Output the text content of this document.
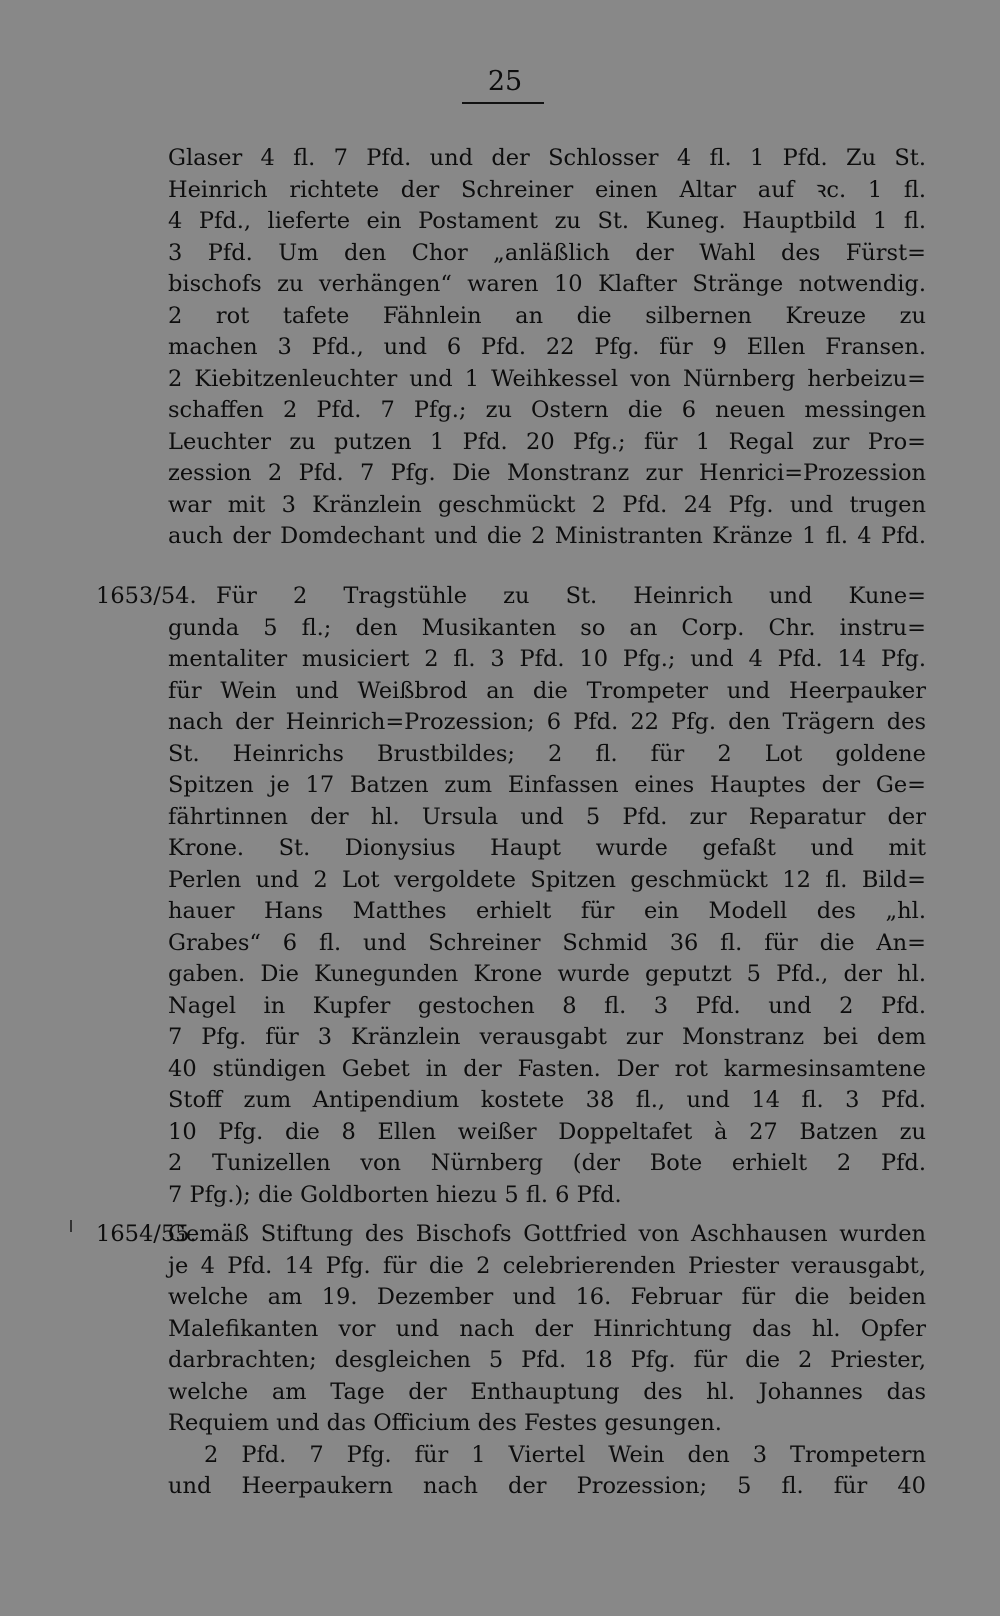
25
Glaser 4 fl. 7 Pfd. und der Schlosser 4 fl. 1 Pfd. Zu St.
Heinrich richtete der Schreiner einen Altar auf ꝛc. 1 fl.
4 Pfd., lieferte ein Postament zu St. Kuneg. Hauptbild 1 fl.
3 Pfd. Um den Chor „anläßlich der Wahl des Fürst=
bischofs zu verhängen“ waren 10 Klafter Stränge notwendig.
2 rot tafete Fähnlein an die silbernen Kreuze zu
machen 3 Pfd., und 6 Pfd. 22 Pfg. für 9 Ellen Fransen.
2 Kiebitzenleuchter und 1 Weihkessel von Nürnberg herbeizu=
schaffen 2 Pfd. 7 Pfg.; zu Ostern die 6 neuen messingen
Leuchter zu putzen 1 Pfd. 20 Pfg.; für 1 Regal zur Pro=
zession 2 Pfd. 7 Pfg. Die Monstranz zur Henrici=Prozession
war mit 3 Kränzlein geschmückt 2 Pfd. 24 Pfg. und trugen
auch der Domdechant und die 2 Ministranten Kränze 1 fl. 4 Pfd.
1653/54. Für 2 Tragstühle zu St. Heinrich und Kune=
gunda 5 fl.; den Musikanten so an Corp. Chr. instru=
mentaliter musiciert 2 fl. 3 Pfd. 10 Pfg.; und 4 Pfd. 14 Pfg.
für Wein und Weißbrod an die Trompeter und Heerpauker
nach der Heinrich=Prozession; 6 Pfd. 22 Pfg. den Trägern des
St. Heinrichs Brustbildes; 2 fl. für 2 Lot goldene
Spitzen je 17 Batzen zum Einfassen eines Hauptes der Ge=
fährtinnen der hl. Ursula und 5 Pfd. zur Reparatur der
Krone. St. Dionysius Haupt wurde gefaßt und mit
Perlen und 2 Lot vergoldete Spitzen geschmückt 12 fl. Bild=
hauer Hans Matthes erhielt für ein Modell des „hl.
Grabes“ 6 fl. und Schreiner Schmid 36 fl. für die An=
gaben. Die Kunegunden Krone wurde geputzt 5 Pfd., der hl.
Nagel in Kupfer gestochen 8 fl. 3 Pfd. und 2 Pfd.
7 Pfg. für 3 Kränzlein verausgabt zur Monstranz bei dem
40 stündigen Gebet in der Fasten. Der rot karmesinsamtene
Stoff zum Antipendium kostete 38 fl., und 14 fl. 3 Pfd.
10 Pfg. die 8 Ellen weißer Doppeltafet à 27 Batzen zu
2 Tunizellen von Nürnberg (der Bote erhielt 2 Pfd.
7 Pfg.); die Goldborten hiezu 5 fl. 6 Pfd.
1654/55.
Gemäß Stiftung des Bischofs Gottfried von Aschhausen wurden
je 4 Pfd. 14 Pfg. für die 2 celebrierenden Priester verausgabt,
welche am 19. Dezember und 16. Februar für die beiden
Malefikanten vor und nach der Hinrichtung das hl. Opfer
darbrachten; desgleichen 5 Pfd. 18 Pfg. für die 2 Priester,
welche am Tage der Enthauptung des hl. Johannes das
Requiem und das Officium des Festes gesungen.
2 Pfd. 7 Pfg. für 1 Viertel Wein den 3 Trompetern
und Heerpaukern nach der Prozession; 5 fl. für 40
